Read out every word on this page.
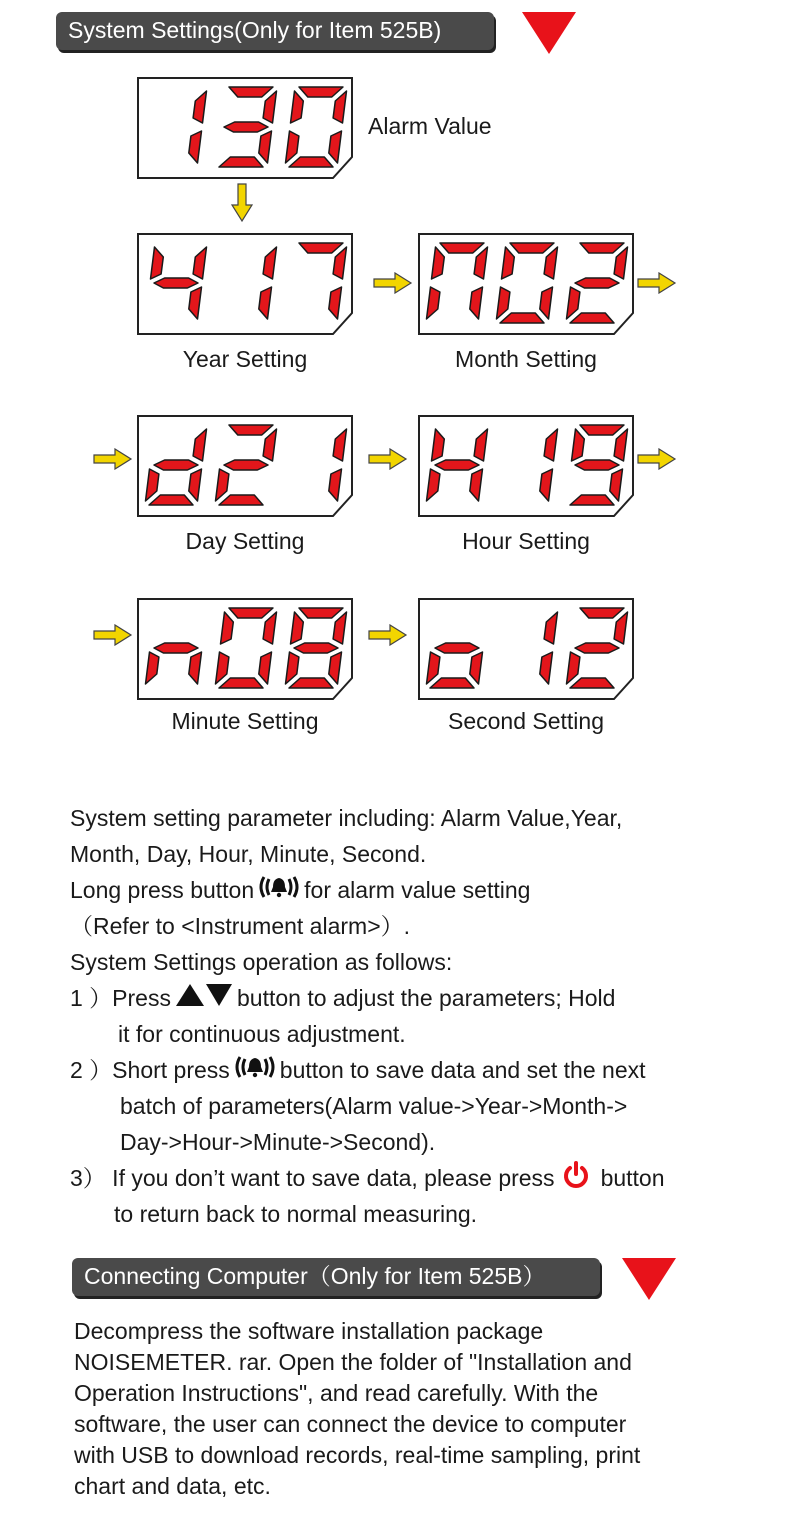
System Settings(Only for Item 525B)
Alarm Value
Year Setting	Month Setting
Day Setting	Hour Setting
Minute Setting	Second Setting
System setting parameter including: Alarm Value,Year,
Month, Day, Hour, Minute, Second.
Long press button for alarm value setting
（Refer to <Instrument alarm>）.
System Settings operation as follows:
1 ）Press	button to adjust the parameters; Hold
it for continuous adjustment.
2 ）Short press button to save data and set the next
batch of parameters(Alarm value->Year->Month->
Day->Hour->Minute->Second).
3） If you don’t want to save data, please press button
to return back to normal measuring.
Connecting Computer（Only for Item 525B）
Decompress the software installation package
NOISEMETER. rar. Open the folder of "Installation and
Operation Instructions", and read carefully. With the
software, the user can connect the device to computer
with USB to download records, real-time sampling, print
chart and data, etc.
